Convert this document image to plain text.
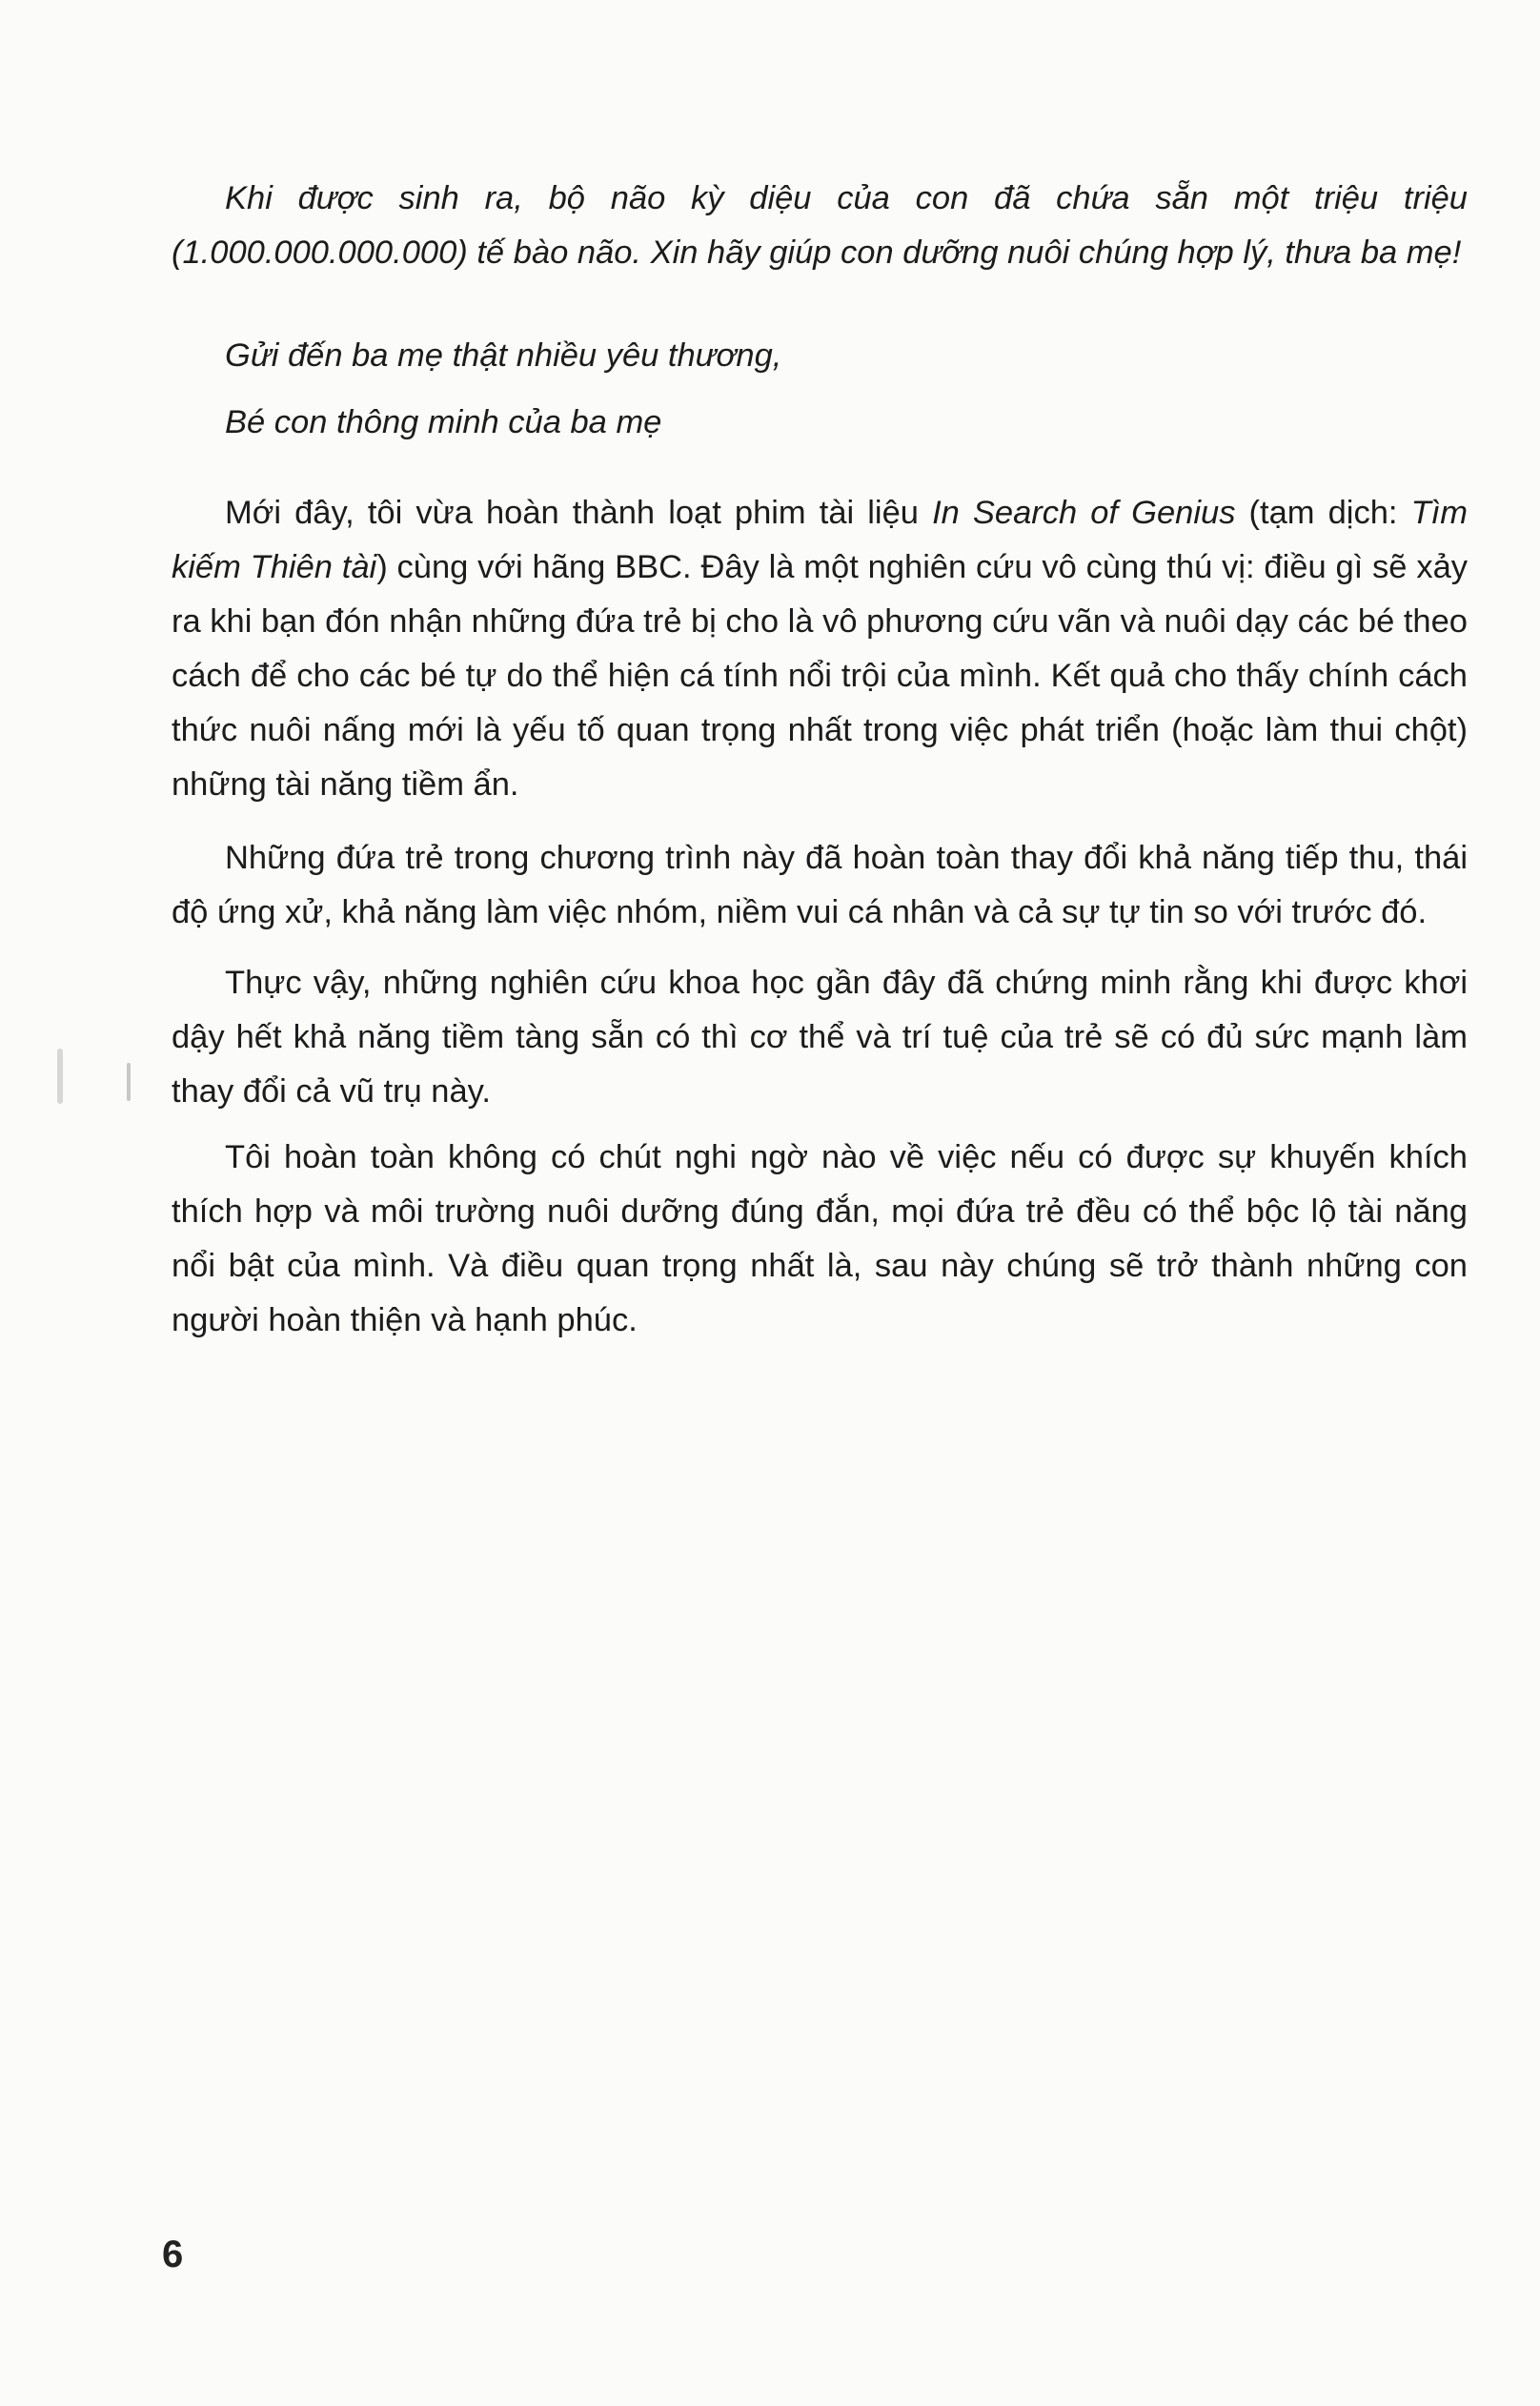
Khi được sinh ra, bộ não kỳ diệu của con đã chứa sẵn một triệu triệu (1.000.000.000.000) tế bào não. Xin hãy giúp con dưỡng nuôi chúng hợp lý, thưa ba mẹ!

Gửi đến ba mẹ thật nhiều yêu thương,
Bé con thông minh của ba mẹ

Mới đây, tôi vừa hoàn thành loạt phim tài liệu In Search of Genius (tạm dịch: Tìm kiếm Thiên tài) cùng với hãng BBC. Đây là một nghiên cứu vô cùng thú vị: điều gì sẽ xảy ra khi bạn đón nhận những đứa trẻ bị cho là vô phương cứu vãn và nuôi dạy các bé theo cách để cho các bé tự do thể hiện cá tính nổi trội của mình. Kết quả cho thấy chính cách thức nuôi nấng mới là yếu tố quan trọng nhất trong việc phát triển (hoặc làm thui chột) những tài năng tiềm ẩn.

Những đứa trẻ trong chương trình này đã hoàn toàn thay đổi khả năng tiếp thu, thái độ ứng xử, khả năng làm việc nhóm, niềm vui cá nhân và cả sự tự tin so với trước đó.

Thực vậy, những nghiên cứu khoa học gần đây đã chứng minh rằng khi được khơi dậy hết khả năng tiềm tàng sẵn có thì cơ thể và trí tuệ của trẻ sẽ có đủ sức mạnh làm thay đổi cả vũ trụ này.

Tôi hoàn toàn không có chút nghi ngờ nào về việc nếu có được sự khuyến khích thích hợp và môi trường nuôi dưỡng đúng đắn, mọi đứa trẻ đều có thể bộc lộ tài năng nổi bật của mình. Và điều quan trọng nhất là, sau này chúng sẽ trở thành những con người hoàn thiện và hạnh phúc.

6
